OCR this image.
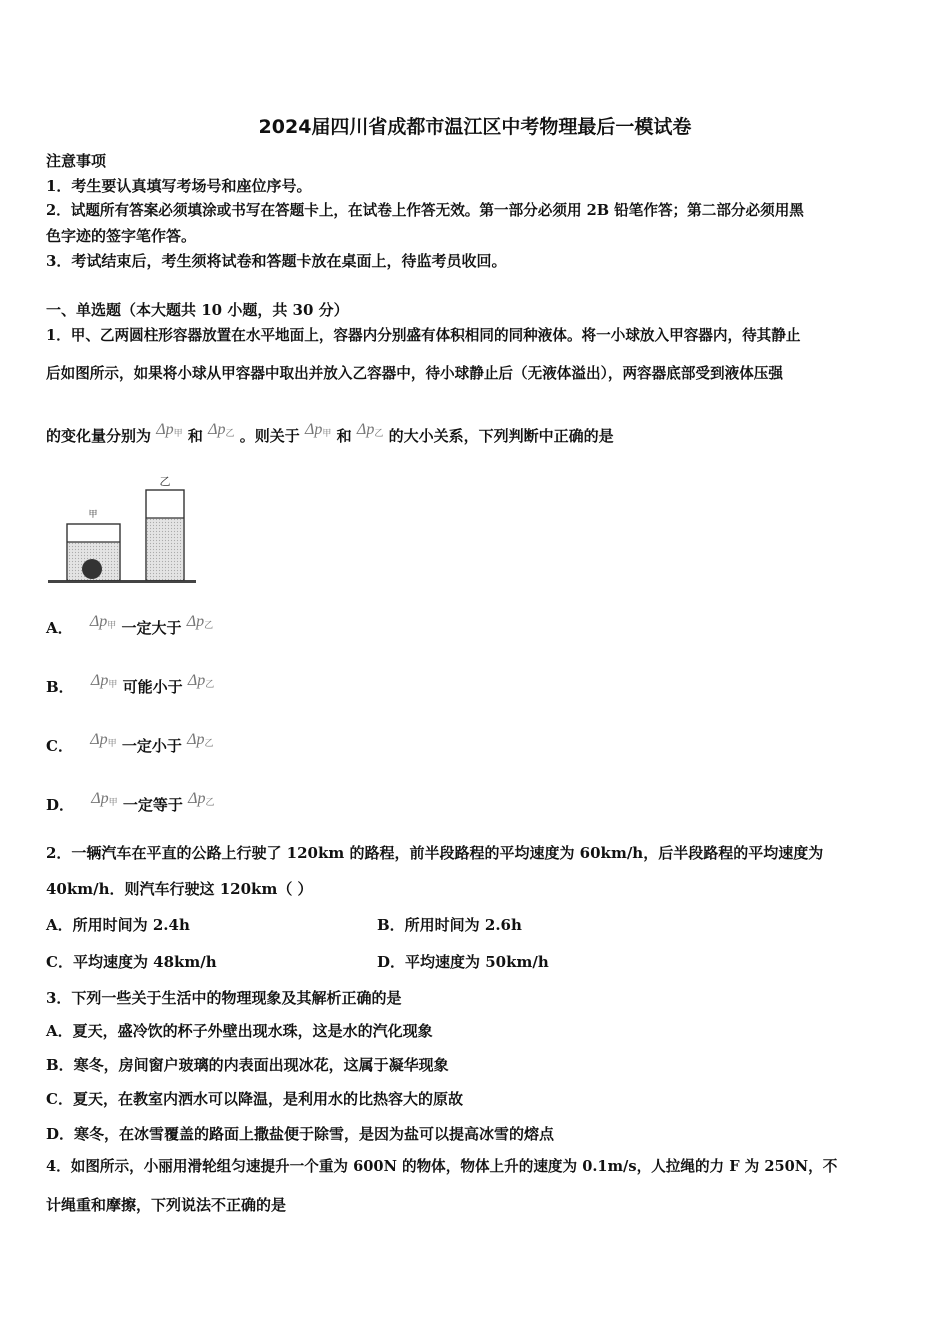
2024届四川省成都市温江区中考物理最后一模试卷
注意事项
1．考生要认真填写考场号和座位序号。
2．试题所有答案必须填涂或书写在答题卡上，在试卷上作答无效。第一部分必须用 2B 铅笔作答；第二部分必须用黑
色字迹的签字笔作答。
3．考试结束后，考生须将试卷和答题卡放在桌面上，待监考员收回。
一、单选题（本大题共 10 小题，共 30 分）
1．甲、乙两圆柱形容器放置在水平地面上，容器内分别盛有体积相同的同种液体。将一小球放入甲容器内，待其静止
后如图所示，如果将小球从甲容器中取出并放入乙容器中，待小球静止后（无液体溢出），两容器底部受到液体压强
的变化量分别为 $\Delta p_甲$ 和 $\Delta p_乙$ 。则关于 $\Delta p_甲$ 和 $\Delta p_乙$ 的大小关系，下列判断中正确的是
甲
乙
A． $\Delta p_甲$ 一定大于 $\Delta p_乙$
B． $\Delta p_甲$ 可能小于 $\Delta p_乙$
C． $\Delta p_甲$ 一定小于 $\Delta p_乙$
D． $\Delta p_甲$ 一定等于 $\Delta p_乙$
2．一辆汽车在平直的公路上行驶了 120km 的路程，前半段路程的平均速度为 60km/h，后半段路程的平均速度为
40km/h．则汽车行驶这 120km（ ）
A．所用时间为 2.4h	B．所用时间为 2.6h
C．平均速度为 48km/h	D．平均速度为 50km/h
3．下列一些关于生活中的物理现象及其解析正确的是
A．夏天，盛冷饮的杯子外壁出现水珠，这是水的汽化现象
B．寒冬，房间窗户玻璃的内表面出现冰花，这属于凝华现象
C．夏天，在教室内洒水可以降温，是利用水的比热容大的原故
D．寒冬，在冰雪覆盖的路面上撒盐便于除雪，是因为盐可以提高冰雪的熔点
4．如图所示，小丽用滑轮组匀速提升一个重为 600N 的物体，物体上升的速度为 0.1m/s，人拉绳的力 F 为 250N，不
计绳重和摩擦，下列说法不正确的是
